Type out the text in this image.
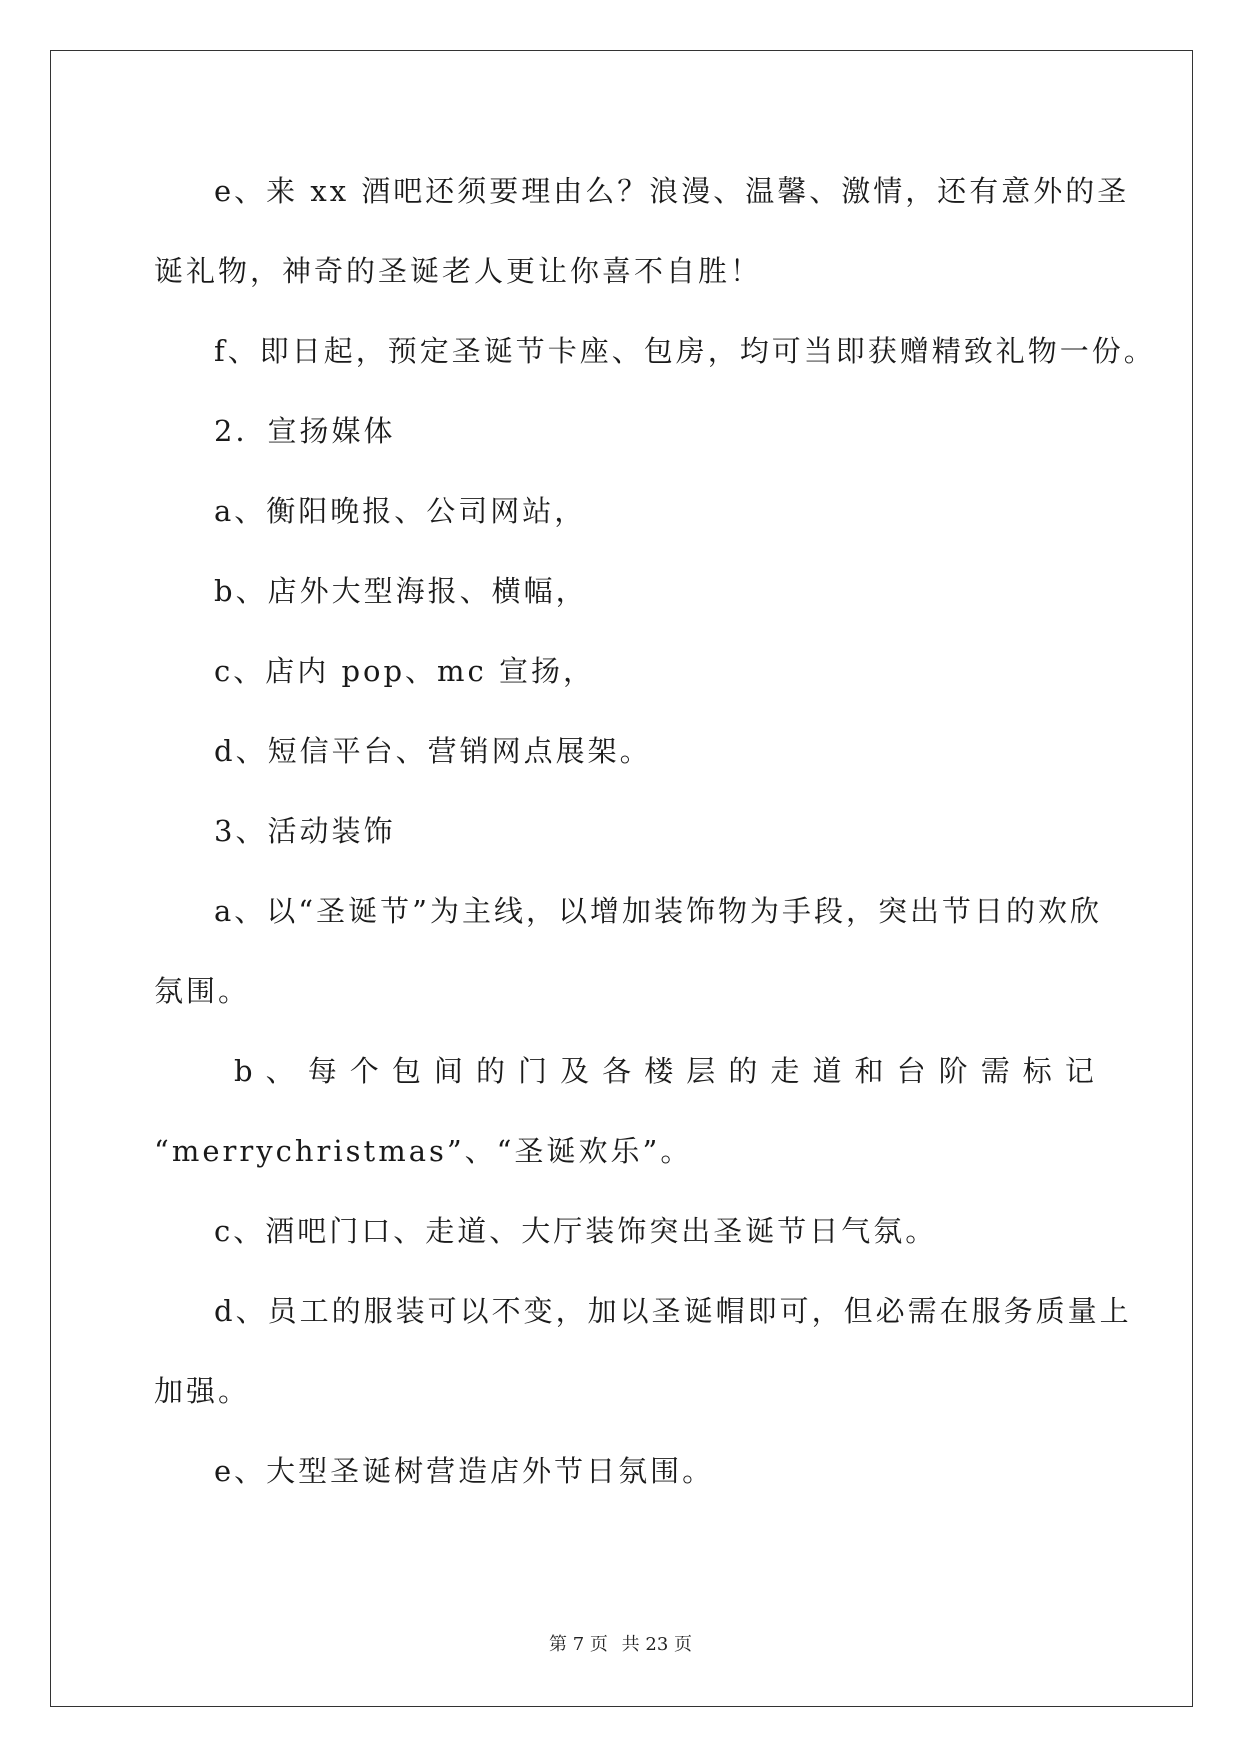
e、来 xx 酒吧还须要理由么？浪漫、温馨、激情，还有意外的圣
诞礼物，神奇的圣诞老人更让你喜不自胜！
f、即日起，预定圣诞节卡座、包房，均可当即获赠精致礼物一份。
2．宣扬媒体
a、衡阳晚报、公司网站，
b、店外大型海报、横幅，
c、店内 pop、mc 宣扬，
d、短信平台、营销网点展架。
3、活动装饰
a、以“圣诞节”为主线，以增加装饰物为手段，突出节日的欢欣
氛围。
b 、 每 个 包 间 的 门 及 各 楼 层 的 走 道 和 台 阶 需 标 记
“merrychristmas”、“圣诞欢乐”。
c、酒吧门口、走道、大厅装饰突出圣诞节日气氛。
d、员工的服装可以不变，加以圣诞帽即可，但必需在服务质量上
加强。
e、大型圣诞树营造店外节日氛围。
第 7 页 共 23 页
